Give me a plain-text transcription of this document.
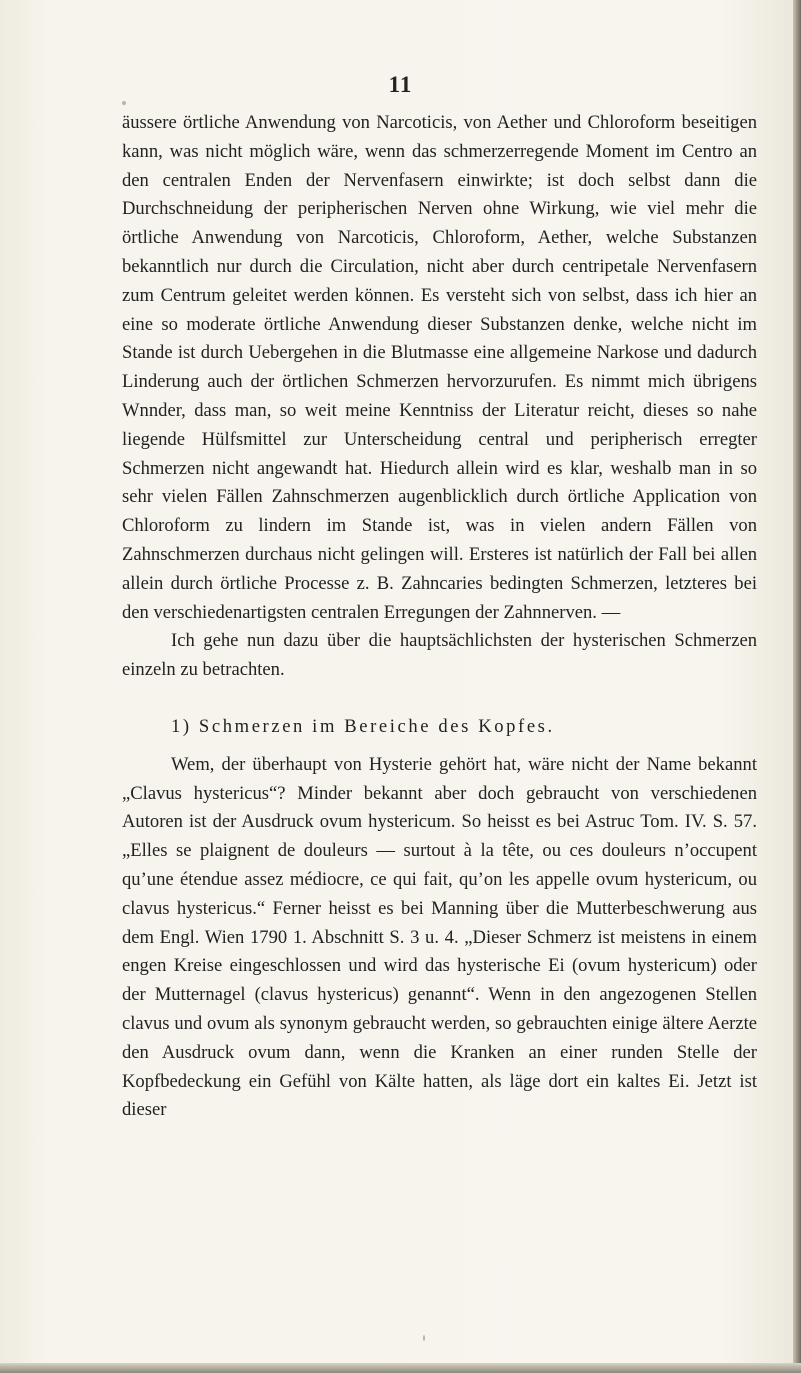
11

äussere örtliche Anwendung von Narcoticis, von Aether und Chloroform beseitigen kann, was nicht möglich wäre, wenn das schmerzerregende Moment im Centro an den centralen Enden der Nervenfasern einwirkte; ist doch selbst dann die Durchschneidung der peripherischen Nerven ohne Wirkung, wie viel mehr die örtliche Anwendung von Narcoticis, Chloroform, Aether, welche Substanzen bekanntlich nur durch die Circulation, nicht aber durch centripetale Nervenfasern zum Centrum geleitet werden können. Es versteht sich von selbst, dass ich hier an eine so moderate örtliche Anwendung dieser Substanzen denke, welche nicht im Stande ist durch Uebergehen in die Blutmasse eine allgemeine Narkose und dadurch Linderung auch der örtlichen Schmerzen hervorzurufen. Es nimmt mich übrigens Wnnder, dass man, so weit meine Kenntniss der Literatur reicht, dieses so nahe liegende Hülfsmittel zur Unterscheidung central und peripherisch erregter Schmerzen nicht angewandt hat. Hiedurch allein wird es klar, weshalb man in so sehr vielen Fällen Zahnschmerzen augenblicklich durch örtliche Application von Chloroform zu lindern im Stande ist, was in vielen andern Fällen von Zahnschmerzen durchaus nicht gelingen will. Ersteres ist natürlich der Fall bei allen allein durch örtliche Processe z. B. Zahncaries bedingten Schmerzen, letzteres bei den verschiedenartigsten centralen Erregungen der Zahnnerven. —

Ich gehe nun dazu über die hauptsächlichsten der hysterischen Schmerzen einzeln zu betrachten.

1) Schmerzen im Bereiche des Kopfes.

Wem, der überhaupt von Hysterie gehört hat, wäre nicht der Name bekannt „Clavus hystericus“? Minder bekannt aber doch gebraucht von verschiedenen Autoren ist der Ausdruck ovum hystericum. So heisst es bei Astruc Tom. IV. S. 57. „Elles se plaignent de douleurs — surtout à la tête, ou ces douleurs n’occupent qu’une étendue assez médiocre, ce qui fait, qu’on les appelle ovum hystericum, ou clavus hystericus.“ Ferner heisst es bei Manning über die Mutterbeschwerung aus dem Engl. Wien 1790 1. Abschnitt S. 3 u. 4. „Dieser Schmerz ist meistens in einem engen Kreise eingeschlossen und wird das hysterische Ei (ovum hystericum) oder der Mutternagel (clavus hystericus) genannt“. Wenn in den angezogenen Stellen clavus und ovum als synonym gebraucht werden, so gebrauchten einige ältere Aerzte den Ausdruck ovum dann, wenn die Kranken an einer runden Stelle der Kopfbedeckung ein Gefühl von Kälte hatten, als läge dort ein kaltes Ei. Jetzt ist dieser
